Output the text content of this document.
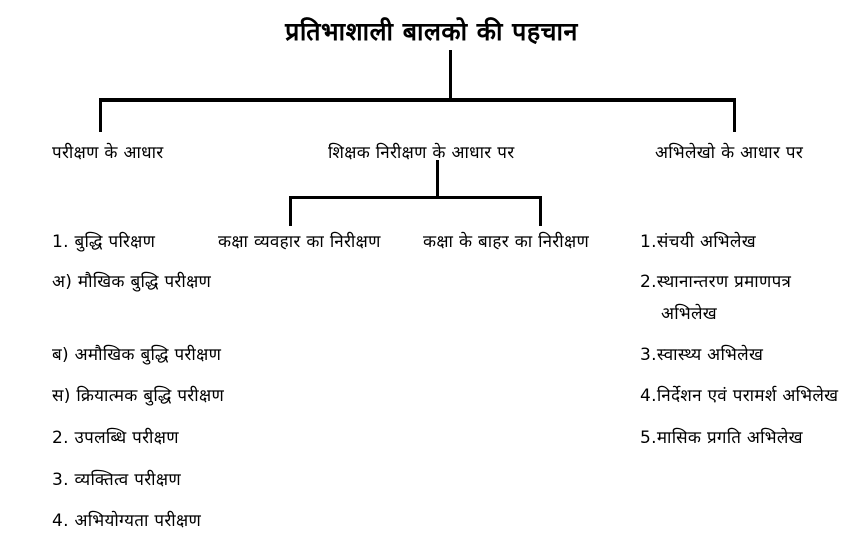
प्रतिभाशाली बालको की पहचान
परीक्षण के आधार	शिक्षक निरीक्षण के आधार पर	अभिलेखो के आधार पर
कक्षा व्यवहार का निरीक्षण कक्षा के बाहर का निरीक्षण
1. बुद्धि परिक्षण
अ) मौखिक बुद्धि परीक्षण
ब) अमौखिक बुद्धि परीक्षण
स) क्रियात्मक बुद्धि परीक्षण
2. उपलब्धि परीक्षण
3. व्यक्तित्व परीक्षण
4. अभियोग्यता परीक्षण
1.संचयी अभिलेख
2.स्थानान्तरण प्रमाणपत्र
अभिलेख
3.स्वास्थ्य अभिलेख
4.निर्देशन एवं परामर्श अभिलेख
5.मासिक प्रगति अभिलेख
